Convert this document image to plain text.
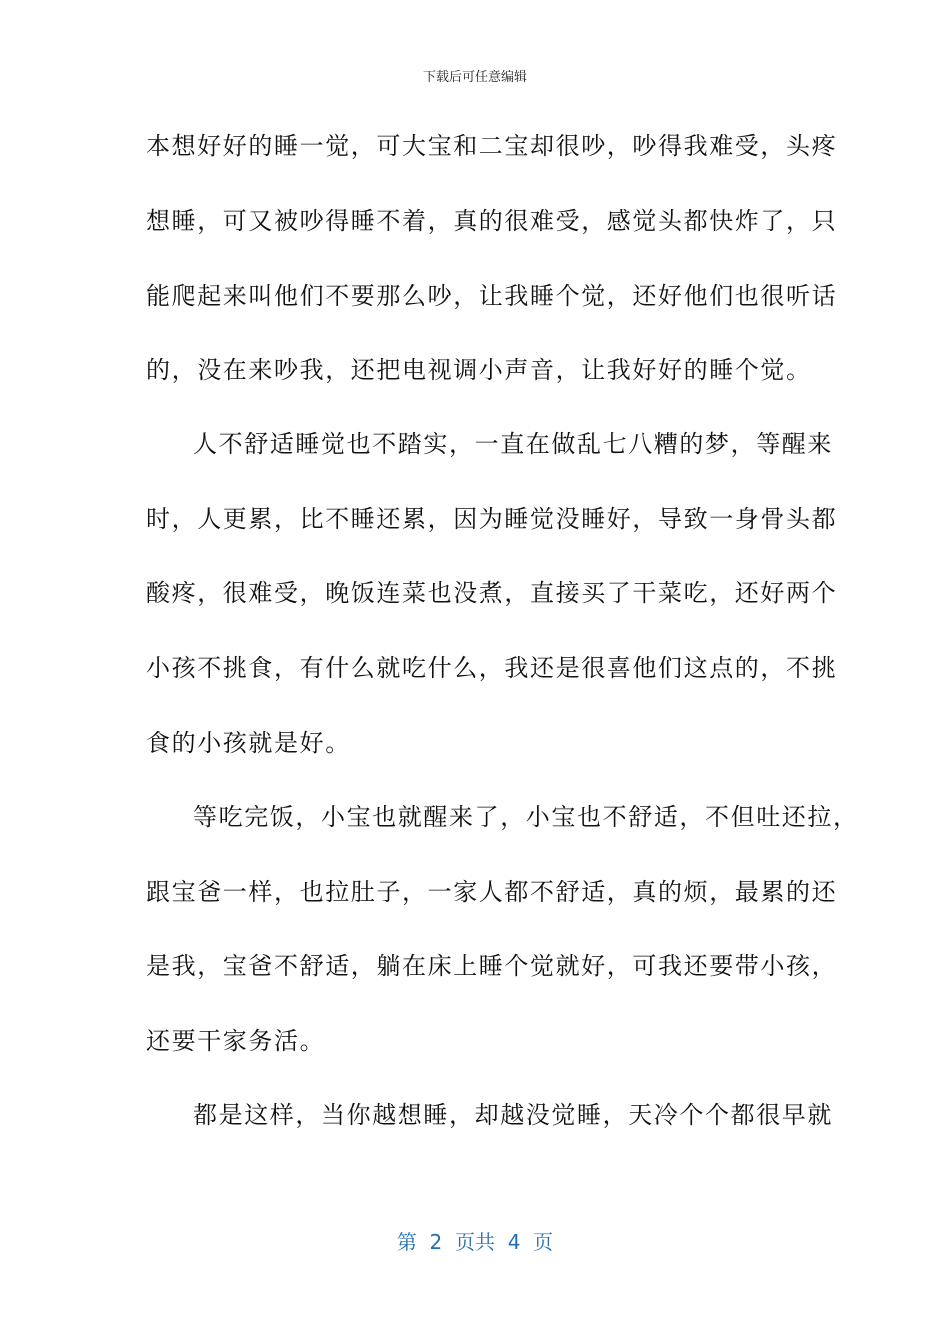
下载后可任意编辑
本想好好的睡一觉，可大宝和二宝却很吵，吵得我难受，头疼
想睡，可又被吵得睡不着，真的很难受，感觉头都快炸了，只
能爬起来叫他们不要那么吵，让我睡个觉，还好他们也很听话
的，没在来吵我，还把电视调小声音，让我好好的睡个觉。
人不舒适睡觉也不踏实，一直在做乱七八糟的梦，等醒来
时，人更累，比不睡还累，因为睡觉没睡好，导致一身骨头都
酸疼，很难受，晚饭连菜也没煮，直接买了干菜吃，还好两个
小孩不挑食，有什么就吃什么，我还是很喜他们这点的，不挑
食的小孩就是好。
等吃完饭，小宝也就醒来了，小宝也不舒适，不但吐还拉，
跟宝爸一样，也拉肚子，一家人都不舒适，真的烦，最累的还
是我，宝爸不舒适，躺在床上睡个觉就好，可我还要带小孩，
还要干家务活。
都是这样，当你越想睡，却越没觉睡，天冷个个都很早就
第  2  页共  4  页
